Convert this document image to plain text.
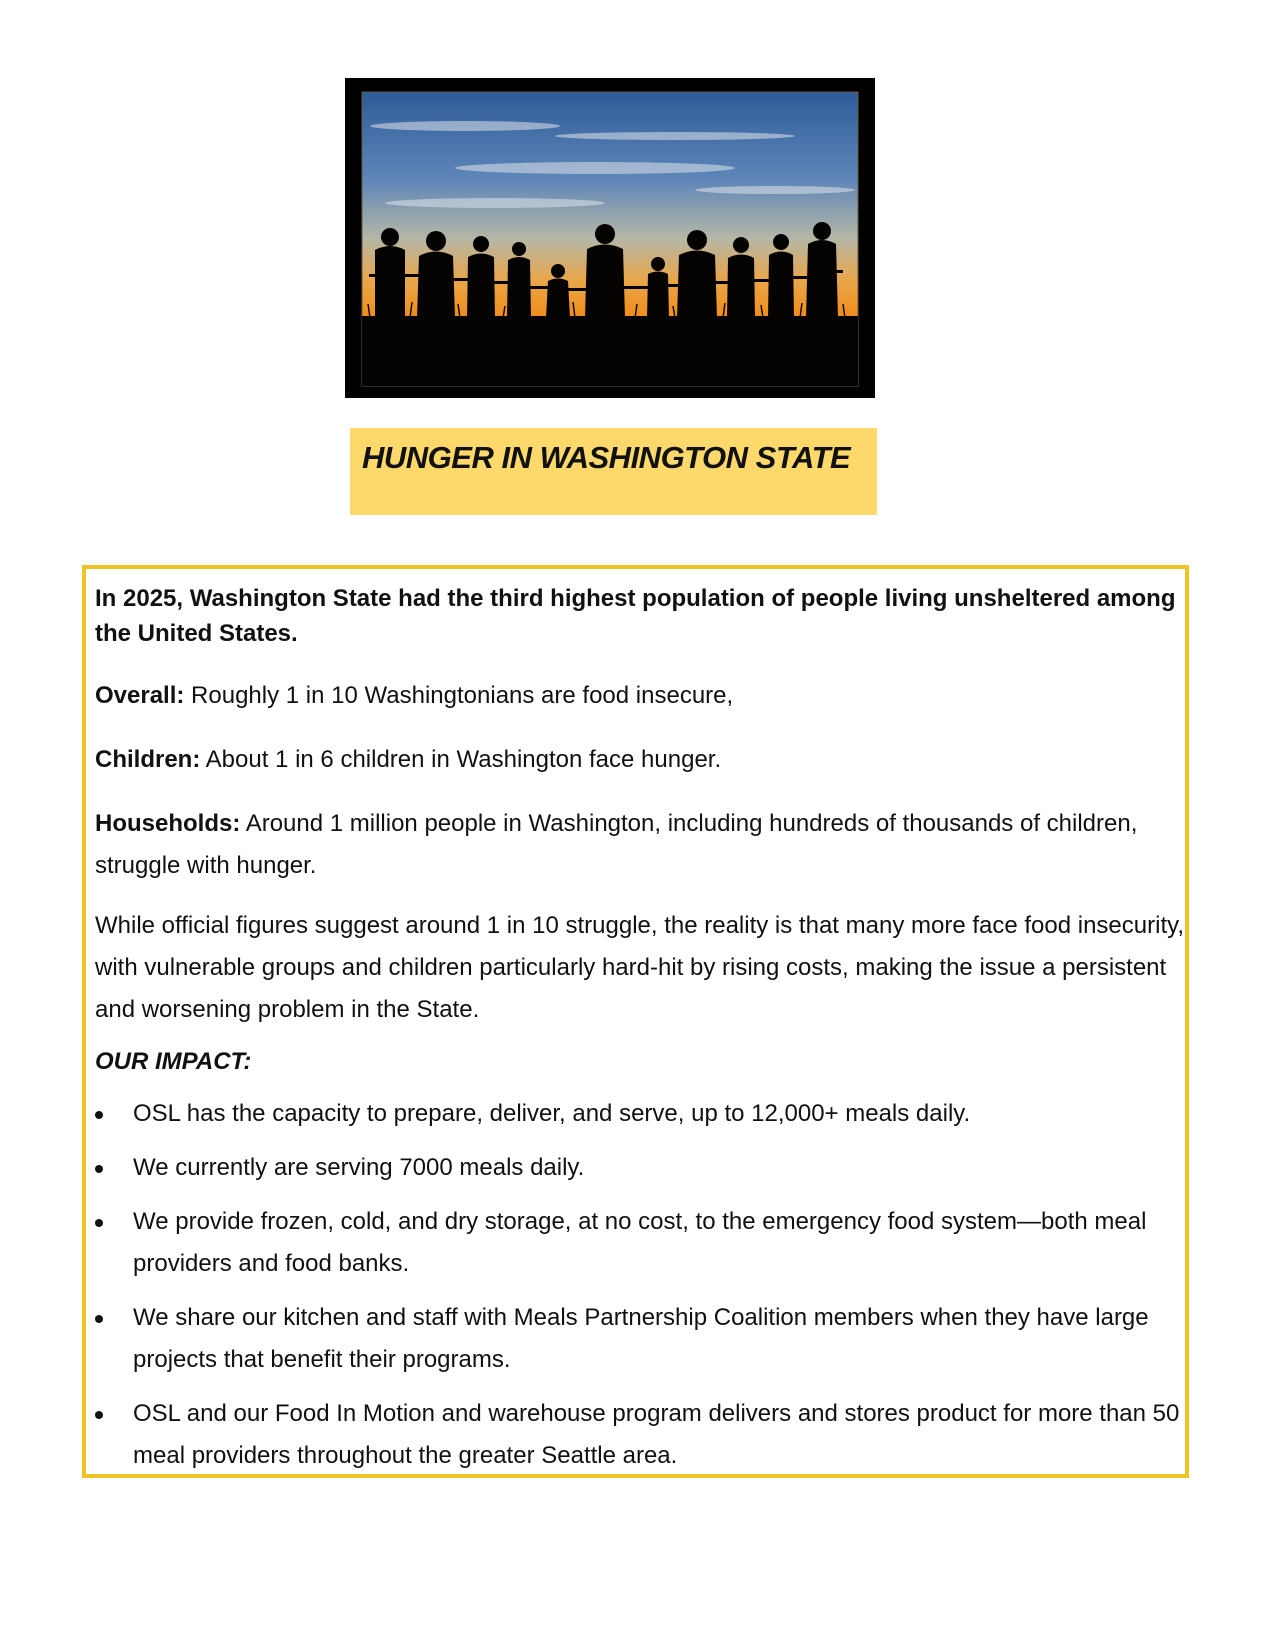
HUNGER IN WASHINGTON STATE

In 2025, Washington State had the third highest population of people living unsheltered among the United States.

Overall: Roughly 1 in 10 Washingtonians are food insecure,

Children: About 1 in 6 children in Washington face hunger.

Households: Around 1 million people in Washington, including hundreds of thousands of children, struggle with hunger.

While official figures suggest around 1 in 10 struggle, the reality is that many more face food insecurity, with vulnerable groups and children particularly hard-hit by rising costs, making the issue a persistent and worsening problem in the State.

OUR IMPACT:

OSL has the capacity to prepare, deliver, and serve, up to 12,000+ meals daily.
We currently are serving 7000 meals daily.
We provide frozen, cold, and dry storage, at no cost, to the emergency food system—both meal providers and food banks.
We share our kitchen and staff with Meals Partnership Coalition members when they have large projects that benefit their programs.
OSL and our Food In Motion and warehouse program delivers and stores product for more than 50 meal providers throughout the greater Seattle area.
